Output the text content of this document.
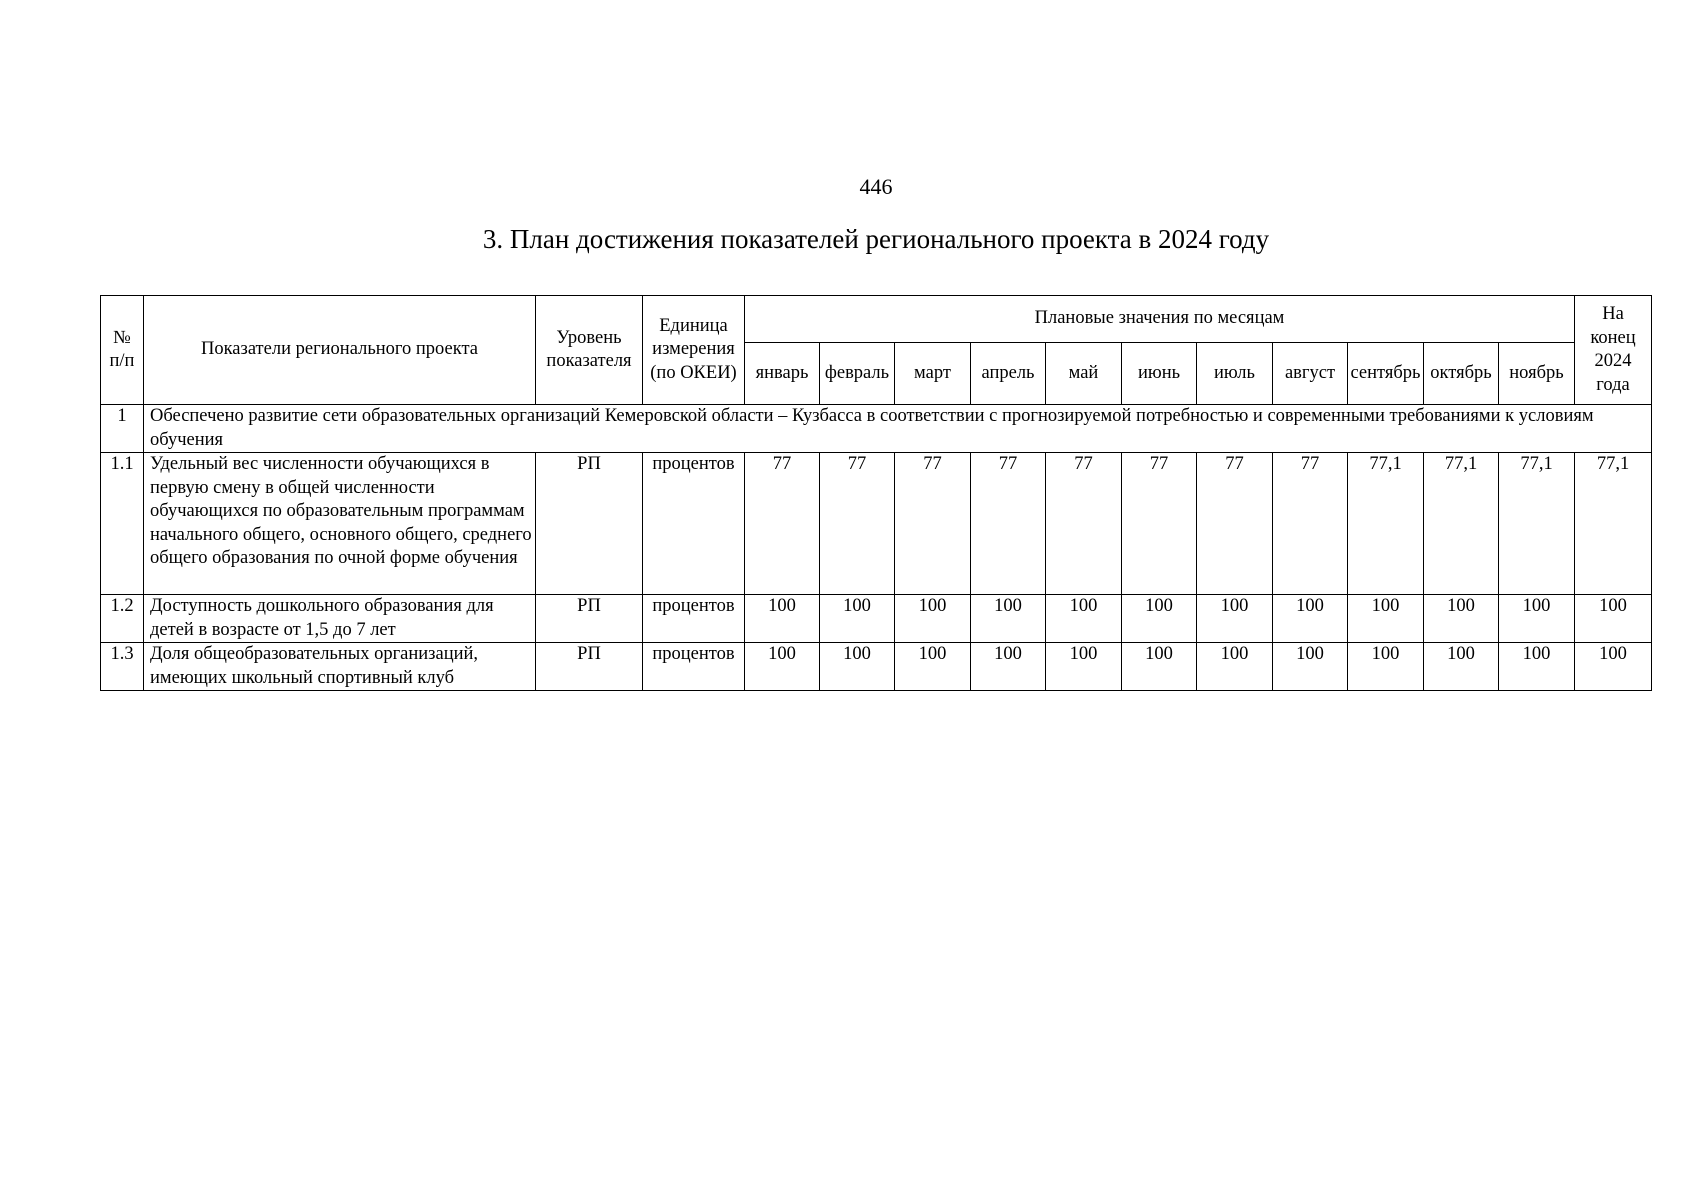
446
3. План достижения показателей регионального проекта в 2024 году
№ п/п	Показатели регионального проекта	Уровень показателя	Единица измерения (по ОКЕИ)	Плановые значения по месяцам											На конец 2024 года
				январь	февраль	март	апрель	май	июнь	июль	август	сентябрь	октябрь	ноябрь	
1	Обеспечено развитие сети образовательных организаций Кемеровской области – Кузбасса в соответствии с прогнозируемой потребностью и современными требованиями к условиям обучения														
1.1	Удельный вес численности обучающихся в первую смену в общей численности обучающихся по образовательным программам начального общего, основного общего, среднего общего образования по очной форме обучения	РП	процентов	77	77	77	77	77	77	77	77	77,1	77,1	77,1	77,1
1.2	Доступность дошкольного образования для детей в возрасте от 1,5 до 7 лет	РП	процентов	100	100	100	100	100	100	100	100	100	100	100	100
1.3	Доля общеобразовательных организаций, имеющих школьный спортивный клуб	РП	процентов	100	100	100	100	100	100	100	100	100	100	100	100
